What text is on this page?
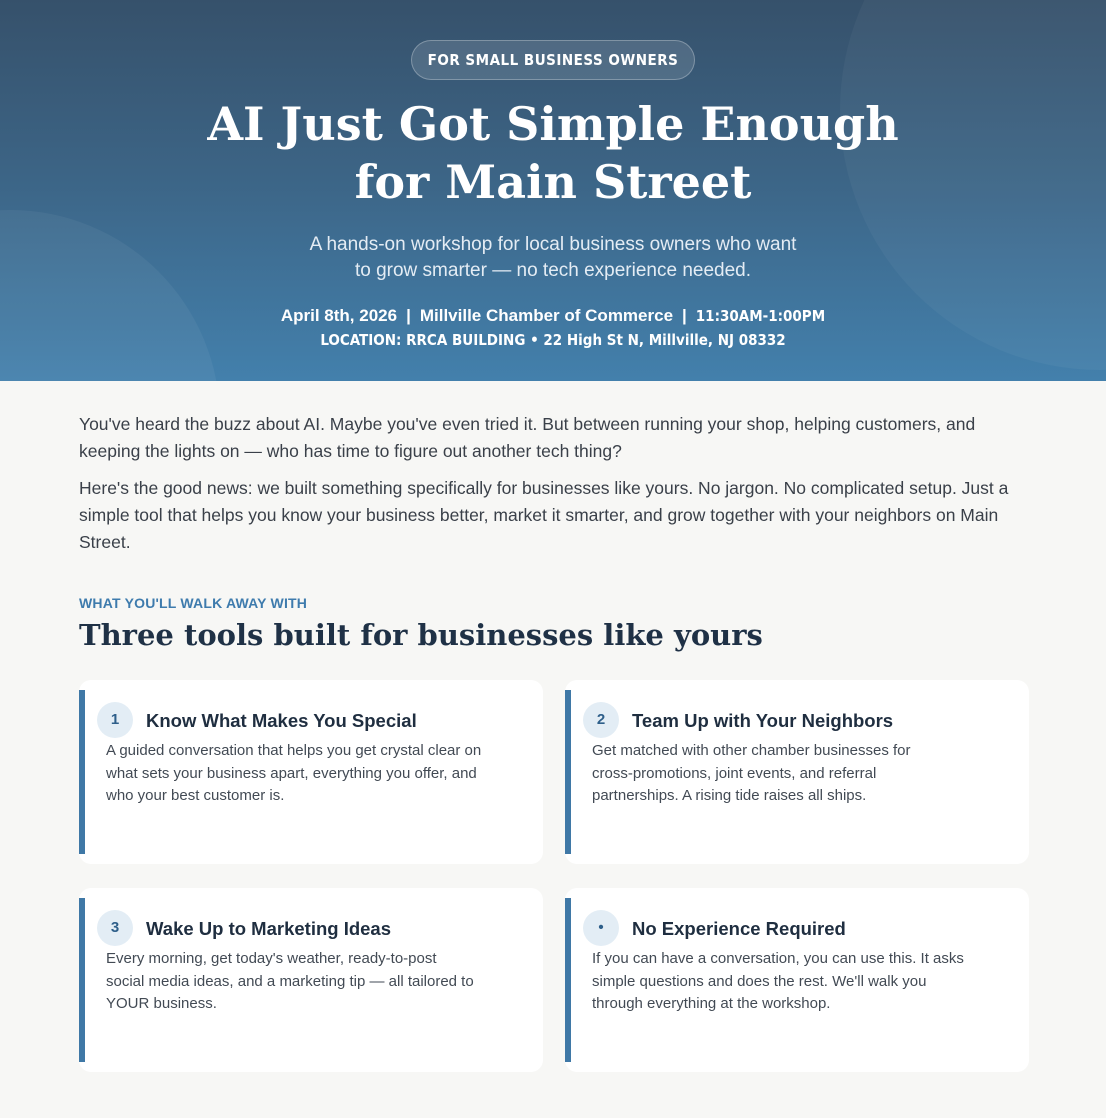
FOR SMALL BUSINESS OWNERS
AI Just Got Simple Enough
for Main Street
A hands-on workshop for local business owners who want
to grow smarter — no tech experience needed.
April 8th, 2026 | Millville Chamber of Commerce | 11:30AM-1:00PM
LOCATION: RRCA BUILDING • 22 High St N, Millville, NJ 08332

You've heard the buzz about AI. Maybe you've even tried it. But between running your shop, helping customers, and keeping the lights on — who has time to figure out another tech thing?

Here's the good news: we built something specifically for businesses like yours. No jargon. No complicated setup. Just a simple tool that helps you know your business better, market it smarter, and grow together with your neighbors on Main Street.

WHAT YOU'LL WALK AWAY WITH
Three tools built for businesses like yours
1	Know What Makes You Special
A guided conversation that helps you get crystal clear on
what sets your business apart, everything you offer, and
who your best customer is.
2	Team Up with Your Neighbors
Get matched with other chamber businesses for
cross-promotions, joint events, and referral
partnerships. A rising tide raises all ships.
3	Wake Up to Marketing Ideas
Every morning, get today's weather, ready-to-post
social media ideas, and a marketing tip — all tailored to
YOUR business.
•	No Experience Required
If you can have a conversation, you can use this. It asks
simple questions and does the rest. We'll walk you
through everything at the workshop.
